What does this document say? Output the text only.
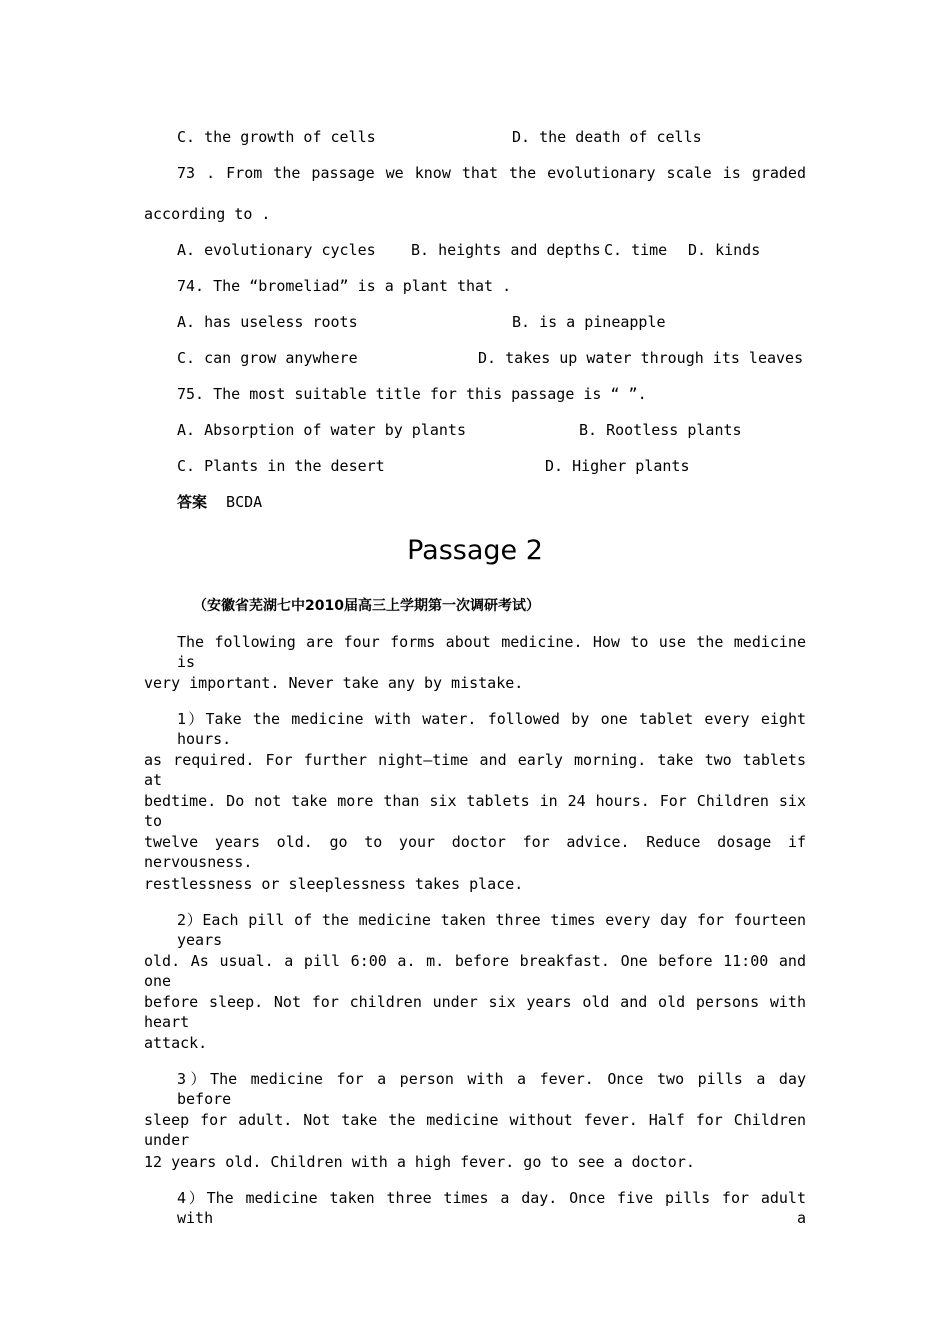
C. the growth of cells	D. the death of cells
73 . From the passage we know that the evolutionary scale is graded
according to .
A. evolutionary cycles B. heights and depths C. time D. kinds
74. The “bromeliad” is a plant that .
A. has useless roots	B. is a pineapple
C. can grow anywhere	D. takes up water through its leaves
75. The most suitable title for this passage is “ ”.
A. Absorption of water by plants	B. Rootless plants
C. Plants in the desert	D. Higher plants
答案 BCDA
Passage 2
（安徽省芜湖七中2010届高三上学期第一次调研考试）
The following are four forms about medicine. How to use the medicine is
very important. Never take any by mistake.
1）Take the medicine with water. followed by one tablet every eight hours.
as required. For further night—time and early morning. take two tablets at
bedtime. Do not take more than six tablets in 24 hours. For Children six to
twelve years old. go to your doctor for advice. Reduce dosage if nervousness.
restlessness or sleeplessness takes place.
2）Each pill of the medicine taken three times every day for fourteen years
old. As usual. a pill 6:00 a. m. before breakfast. One before 11:00 and one
before sleep. Not for children under six years old and old persons with heart
attack.
3）The medicine for a person with a fever. Once two pills a day before
sleep for adult. Not take the medicine without fever. Half for Children under
12 years old. Children with a high fever. go to see a doctor.
4）The medicine taken three times a day. Once five pills for adult with a
